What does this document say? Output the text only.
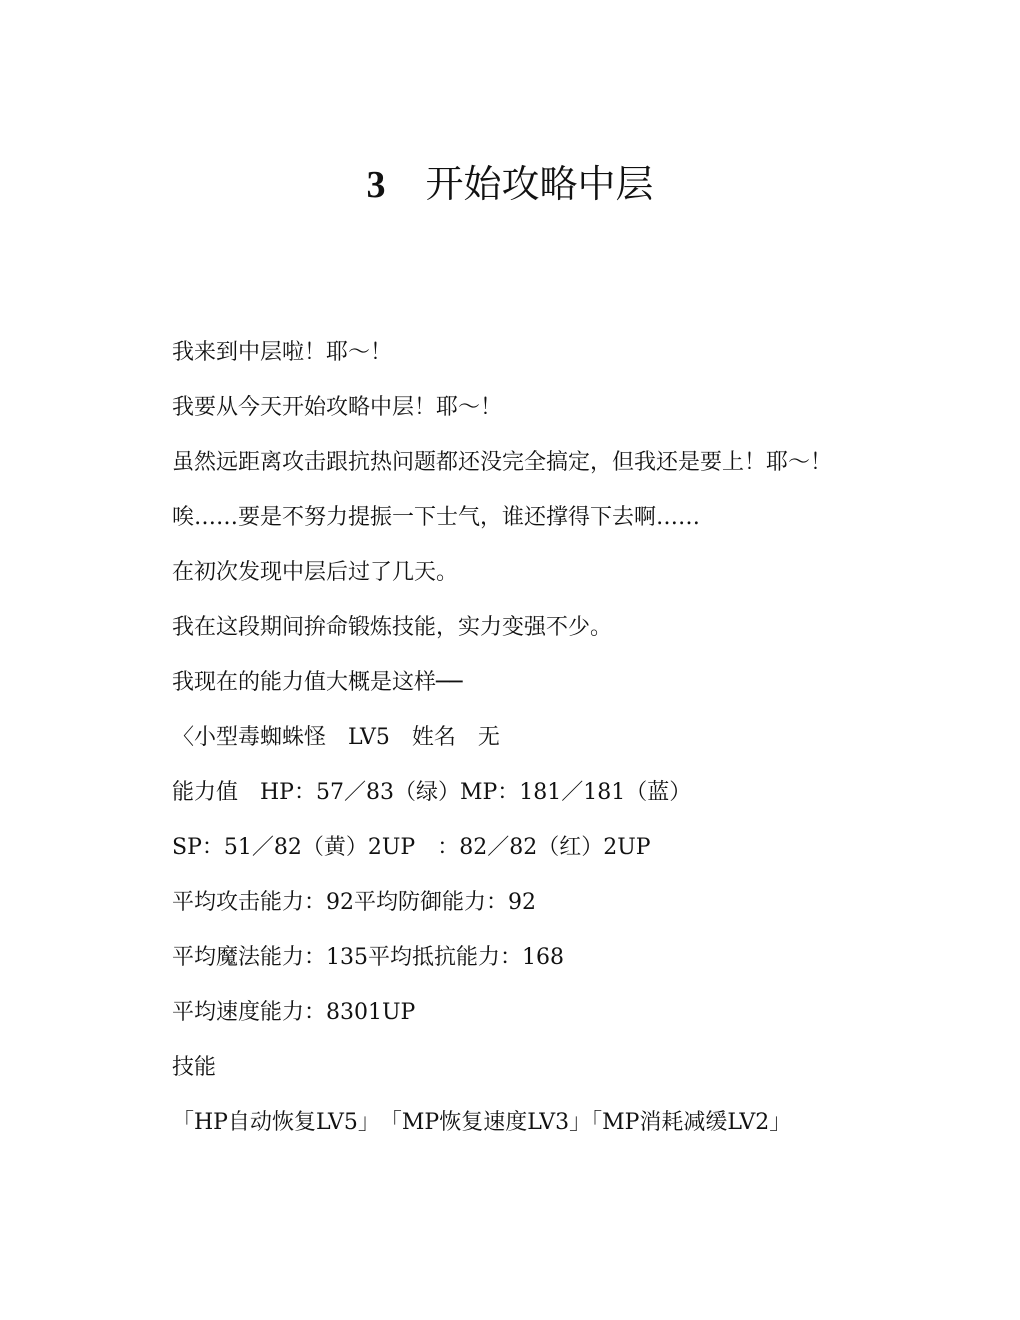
3 开始攻略中层

我来到中层啦！耶～！

我要从今天开始攻略中层！耶～！

虽然远距离攻击跟抗热问题都还没完全搞定，但我还是要上！耶～！

唉……要是不努力提振一下士气，谁还撑得下去啊……

在初次发现中层后过了几天。

我在这段期间拚命锻炼技能，实力变强不少。

我现在的能力值大概是这样──

〈小型毒蜘蛛怪　LV5　姓名　无

能力值　HP：57／83（绿）MP：181／181（蓝）

SP：51／82（黄）2UP　：82／82（红）2UP

平均攻击能力：92平均防御能力：92

平均魔法能力：135平均抵抗能力：168

平均速度能力：8301UP

技能

「HP自动恢复LV5」　「MP恢复速度LV3」「MP消耗减缓LV2」
